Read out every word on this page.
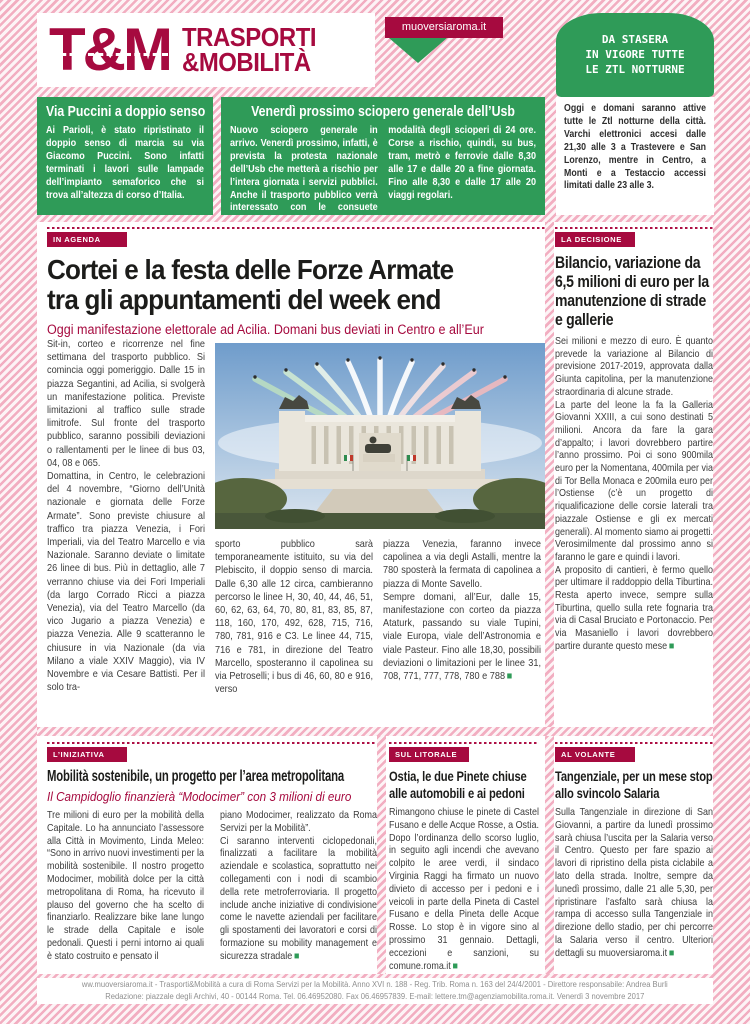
T&M TRASPORTI
&MOBILITÀ
muoversiaroma.it
DA STASERA
IN VIGORE TUTTE
LE ZTL NOTTURNE
Via Puccini a doppio senso
Ai Parioli, è stato ripristinato il doppio senso di marcia su via Giacomo Puccini. Sono infatti terminati i lavori sulle lampade dell’impianto semaforico che si trova all’altezza di corso d’Italia.
Venerdì prossimo sciopero generale dell’Usb
Nuovo sciopero generale in arrivo. Venerdì prossimo, infatti, è prevista la protesta nazionale dell’Usb che metterà a rischio per l’intera giornata i servizi pubblici. Anche il trasporto pubblico verrà interessato con le consuete modalità degli scioperi di 24 ore. Corse a rischio, quindi, su bus, tram, metrò e ferrovie dalle 8,30 alle 17 e dalle 20 a fine giornata. Fino alle 8,30 e dalle 17 alle 20 viaggi regolari.
Oggi e domani saranno attive tutte le Ztl notturne della città. Varchi elettronici accesi dalle 21,30 alle 3 a Trastevere e San Lorenzo, mentre in Centro, a Monti e a Testaccio accessi limitati dalle 23 alle 3.
IN AGENDA
Cortei e la festa delle Forze Armate
tra gli appuntamenti del week end
Oggi manifestazione elettorale ad Acilia. Domani bus deviati in Centro e all’Eur
Sit-in, corteo e ricorrenze nel fine settimana del trasporto pubblico. Si comincia oggi pomeriggio. Dalle 15 in piazza Segantini, ad Acilia, si svolgerà un manifestazione politica. Previste limitazioni al traffico sulle strade limitrofe. Sul fronte del trasporto pubblico, saranno possibili deviazioni o rallentamenti per le linee di bus 03, 04, 08 e 065.
Domattina, in Centro, le celebrazioni del 4 novembre, “Giorno dell’Unità nazionale e giornata delle Forze Armate”. Sono previste chiusure al traffico tra piazza Venezia, i Fori Imperiali, via del Teatro Marcello e via Nazionale. Saranno deviate o limitate 26 linee di bus. Più in dettaglio, alle 7 verranno chiuse via dei Fori Imperiali (da largo Corrado Ricci a piazza Venezia), via del Teatro Marcello (da vico Jugario a piazza Venezia) e piazza Venezia. Alle 9 scatteranno le chiusure in via Nazionale (da via Milano a viale XXIV Maggio), via IV Novembre e via Cesare Battisti. Per il solo tra-
sporto pubblico sarà temporaneamente istituito, su via del Plebiscito, il doppio senso di marcia. Dalle 6,30 alle 12 circa, cambieranno percorso le linee H, 30, 40, 44, 46, 51, 60, 62, 63, 64, 70, 80, 81, 83, 85, 87, 118, 160, 170, 492, 628, 715, 716, 780, 781, 916 e C3. Le linee 44, 715, 716 e 781, in direzione del Teatro Marcello, sposteranno il capolinea su via Petroselli; i bus di 46, 60, 80 e 916, verso
piazza Venezia, faranno invece capolinea a via degli Astalli, mentre la 780 sposterà la fermata di capolinea a piazza di Monte Savello.
Sempre domani, all’Eur, dalle 15, manifestazione con corteo da piazza Ataturk, passando su viale Tupini, viale Europa, viale dell’Astronomia e viale Pasteur. Fino alle 18,30, possibili deviazioni o limitazioni per le linee 31, 708, 771, 777, 778, 780 e 788 ■
LA DECISIONE
Bilancio, variazione da 6,5 milioni di euro per la manutenzione di strade e gallerie
Sei milioni e mezzo di euro. È quanto prevede la variazione al Bilancio di previsione 2017-2019, approvata dalla Giunta capitolina, per la manutenzione straordinaria di alcune strade.
La parte del leone la fa la Galleria Giovanni XXIII, a cui sono destinati 5 milioni. Ancora da fare la gara d’appalto; i lavori dovrebbero partire l’anno prossimo. Poi ci sono 900mila euro per la Nomentana, 400mila per via di Tor Bella Monaca e 200mila euro per l’Ostiense (c’è un progetto di riqualificazione delle corsie laterali tra piazzale Ostiense e gli ex mercati generali). Al momento siamo ai progetti. Verosimilmente dal prossimo anno si faranno le gare e quindi i lavori.
A proposito di cantieri, è fermo quello per ultimare il raddoppio della Tiburtina. Resta aperto invece, sempre sulla Tiburtina, quello sulla rete fognaria tra via di Casal Bruciato e Portonaccio. Per via Masaniello i lavori dovrebbero partire durante questo mese ■
L’INIZIATIVA
Mobilità sostenibile, un progetto per l’area metropolitana
Il Campidoglio finanzierà “Modocimer” con 3 milioni di euro
Tre milioni di euro per la mobilità della Capitale. Lo ha annunciato l’assessore alla Città in Movimento, Linda Meleo: “Sono in arrivo nuovi investimenti per la mobilità sostenibile. Il nostro progetto Modocimer, mobilità dolce per la città metropolitana di Roma, ha ricevuto il plauso del governo che ha scelto di finanziarlo. Realizzare bike lane lungo le strade della Capitale e isole pedonali. Questi i perni intorno ai quali è stato costruito e pensato il
piano Modocimer, realizzato da Roma Servizi per la Mobilità”.
Ci saranno interventi ciclopedonali, finalizzati a facilitare la mobilità aziendale e scolastica, soprattutto nei collegamenti con i nodi di scambio della rete metroferroviaria. Il progetto include anche iniziative di condivisione come le navette aziendali per facilitare gli spostamenti dei lavoratori e corsi di formazione su mobility management e sicurezza stradale ■
SUL LITORALE
Ostia, le due Pinete chiuse alle automobili e ai pedoni
Rimangono chiuse le pinete di Castel Fusano e delle Acque Rosse, a Ostia. Dopo l’ordinanza dello scorso luglio, in seguito agli incendi che avevano colpito le aree verdi, il sindaco Virginia Raggi ha firmato un nuovo divieto di accesso per i pedoni e i veicoli in parte della Pineta di Castel Fusano e della Pineta delle Acque Rosse. Lo stop è in vigore sino al prossimo 31 gennaio. Dettagli, eccezioni e sanzioni, su comune.roma.it ■
AL VOLANTE
Tangenziale, per un mese stop allo svincolo Salaria
Sulla Tangenziale in direzione di San Giovanni, a partire da lunedì prossimo sarà chiusa l’uscita per la Salaria verso il Centro. Questo per fare spazio ai lavori di ripristino della pista ciclabile a lato della strada. Inoltre, sempre da lunedì prossimo, dalle 21 alle 5,30, per ripristinare l’asfalto sarà chiusa la rampa di accesso sulla Tangenziale in direzione dello stadio, per chi percorre la Salaria verso il centro. Ulteriori dettagli su muoversiaroma.it ■
ww.muoversiaroma.it - Trasporti&Mobilità a cura di Roma Servizi per la Mobilità. Anno XVI n. 188 - Reg. Trib. Roma n. 163 del 24/4/2001 - Direttore responsabile: Andrea Burli
Redazione: piazzale degli Archivi, 40 - 00144 Roma. Tel. 06.46952080. Fax 06.46957839. E-mail: lettere.tm@agenziamobilita.roma.it. Venerdì 3 novembre 2017
